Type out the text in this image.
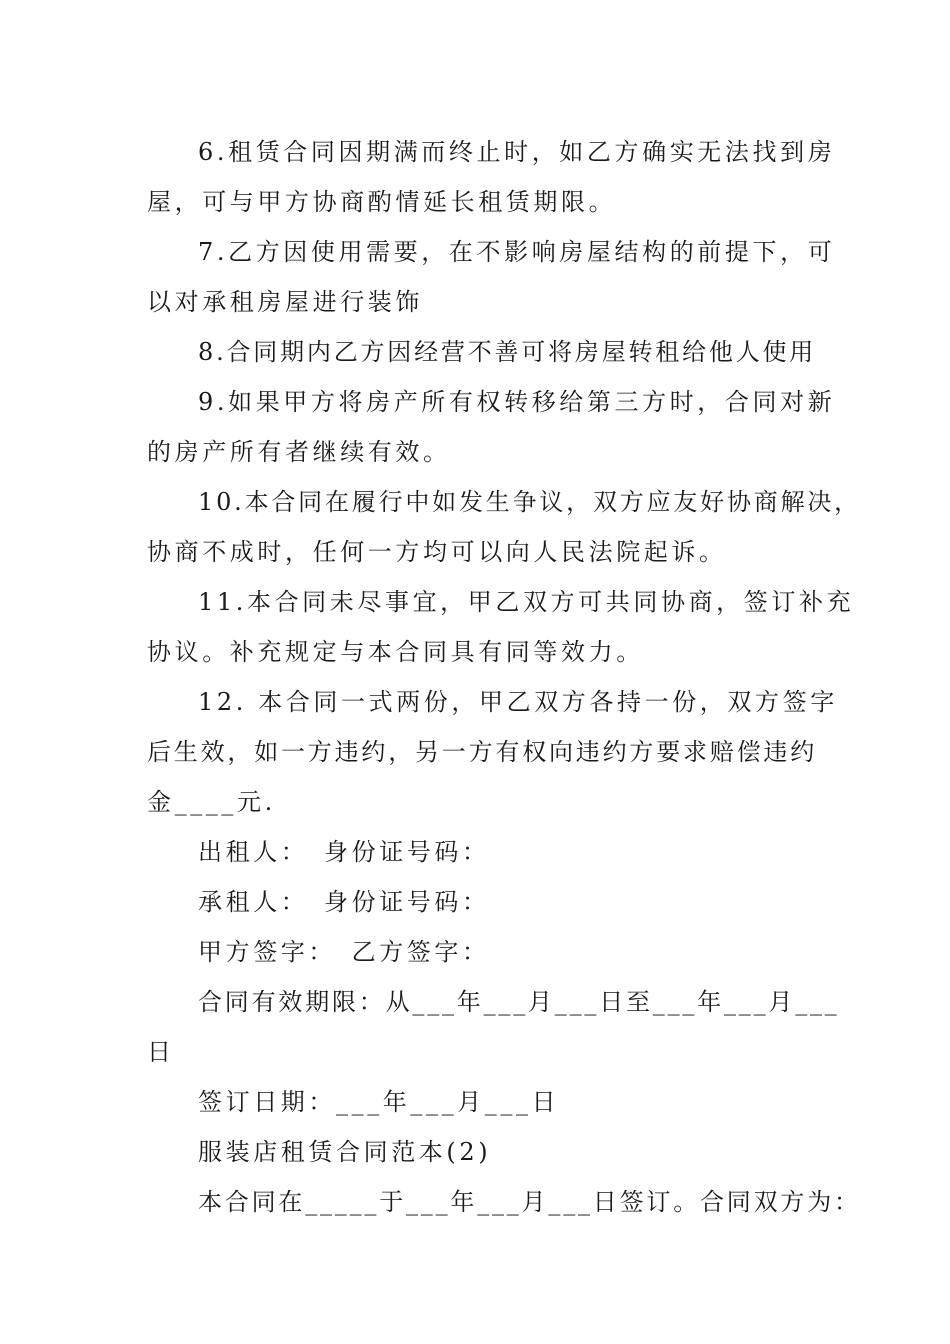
6.租赁合同因期满而终止时，如乙方确实无法找到房
屋，可与甲方协商酌情延长租赁期限。
7.乙方因使用需要，在不影响房屋结构的前提下，可
以对承租房屋进行装饰
8.合同期内乙方因经营不善可将房屋转租给他人使用
9.如果甲方将房产所有权转移给第三方时，合同对新
的房产所有者继续有效。
10.本合同在履行中如发生争议，双方应友好协商解决，
协商不成时，任何一方均可以向人民法院起诉。
11.本合同未尽事宜，甲乙双方可共同协商，签订补充
协议。补充规定与本合同具有同等效力。
12. 本合同一式两份，甲乙双方各持一份，双方签字
后生效，如一方违约，另一方有权向违约方要求赔偿违约
金____元.
出租人：　身份证号码：
承租人：　身份证号码：
甲方签字：　乙方签字：
合同有效期限：从___年___月___日至___年___月___
日
签订日期：___年___月___日
服装店租赁合同范本(2)
本合同在_____于___年___月___日签订。合同双方为：
